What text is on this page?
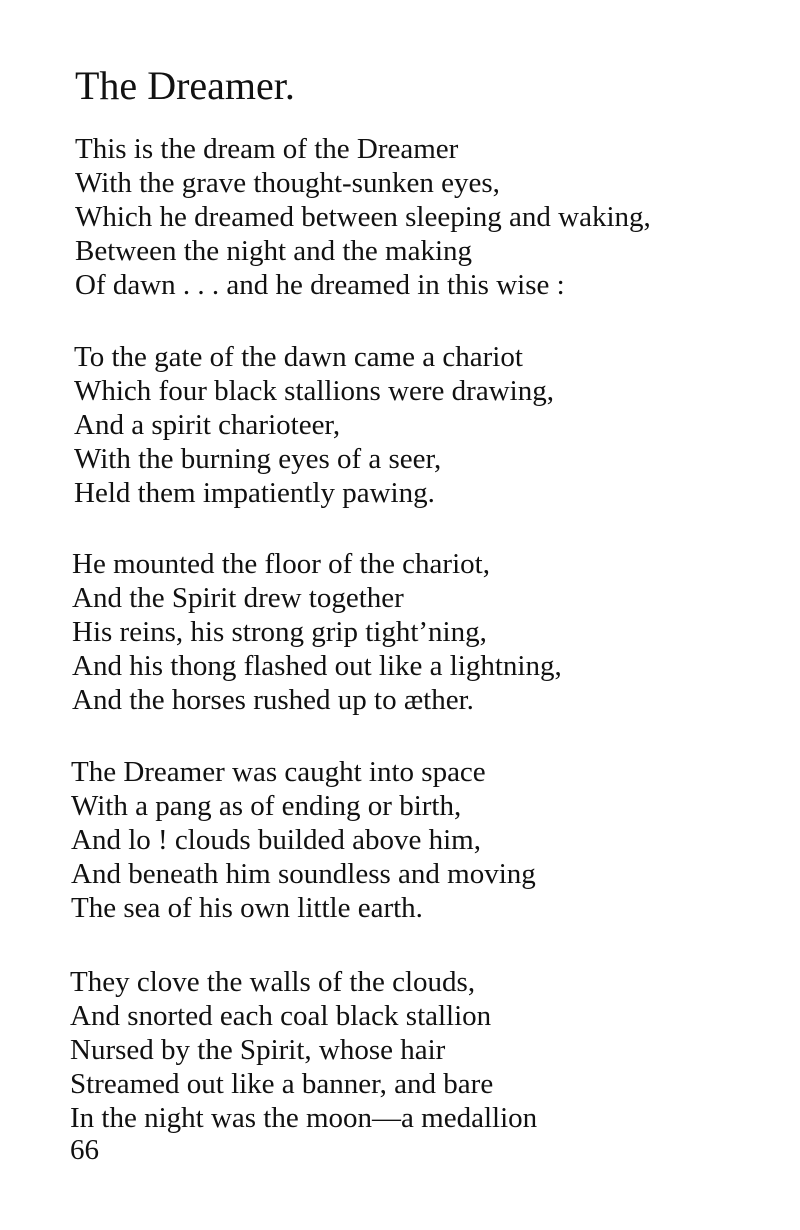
The Dreamer.
This is the dream of the Dreamer
With the grave thought-sunken eyes,
Which he dreamed between sleeping and waking,
Between the night and the making
Of dawn . . . and he dreamed in this wise :
To the gate of the dawn came a chariot
Which four black stallions were drawing,
And a spirit charioteer,
With the burning eyes of a seer,
Held them impatiently pawing.
He mounted the floor of the chariot,
And the Spirit drew together
His reins, his strong grip tight’ning,
And his thong flashed out like a lightning,
And the horses rushed up to æther.
The Dreamer was caught into space
With a pang as of ending or birth,
And lo ! clouds builded above him,
And beneath him soundless and moving
The sea of his own little earth.
They clove the walls of the clouds,
And snorted each coal black stallion
Nursed by the Spirit, whose hair
Streamed out like a banner, and bare
In the night was the moon—a medallion
66
